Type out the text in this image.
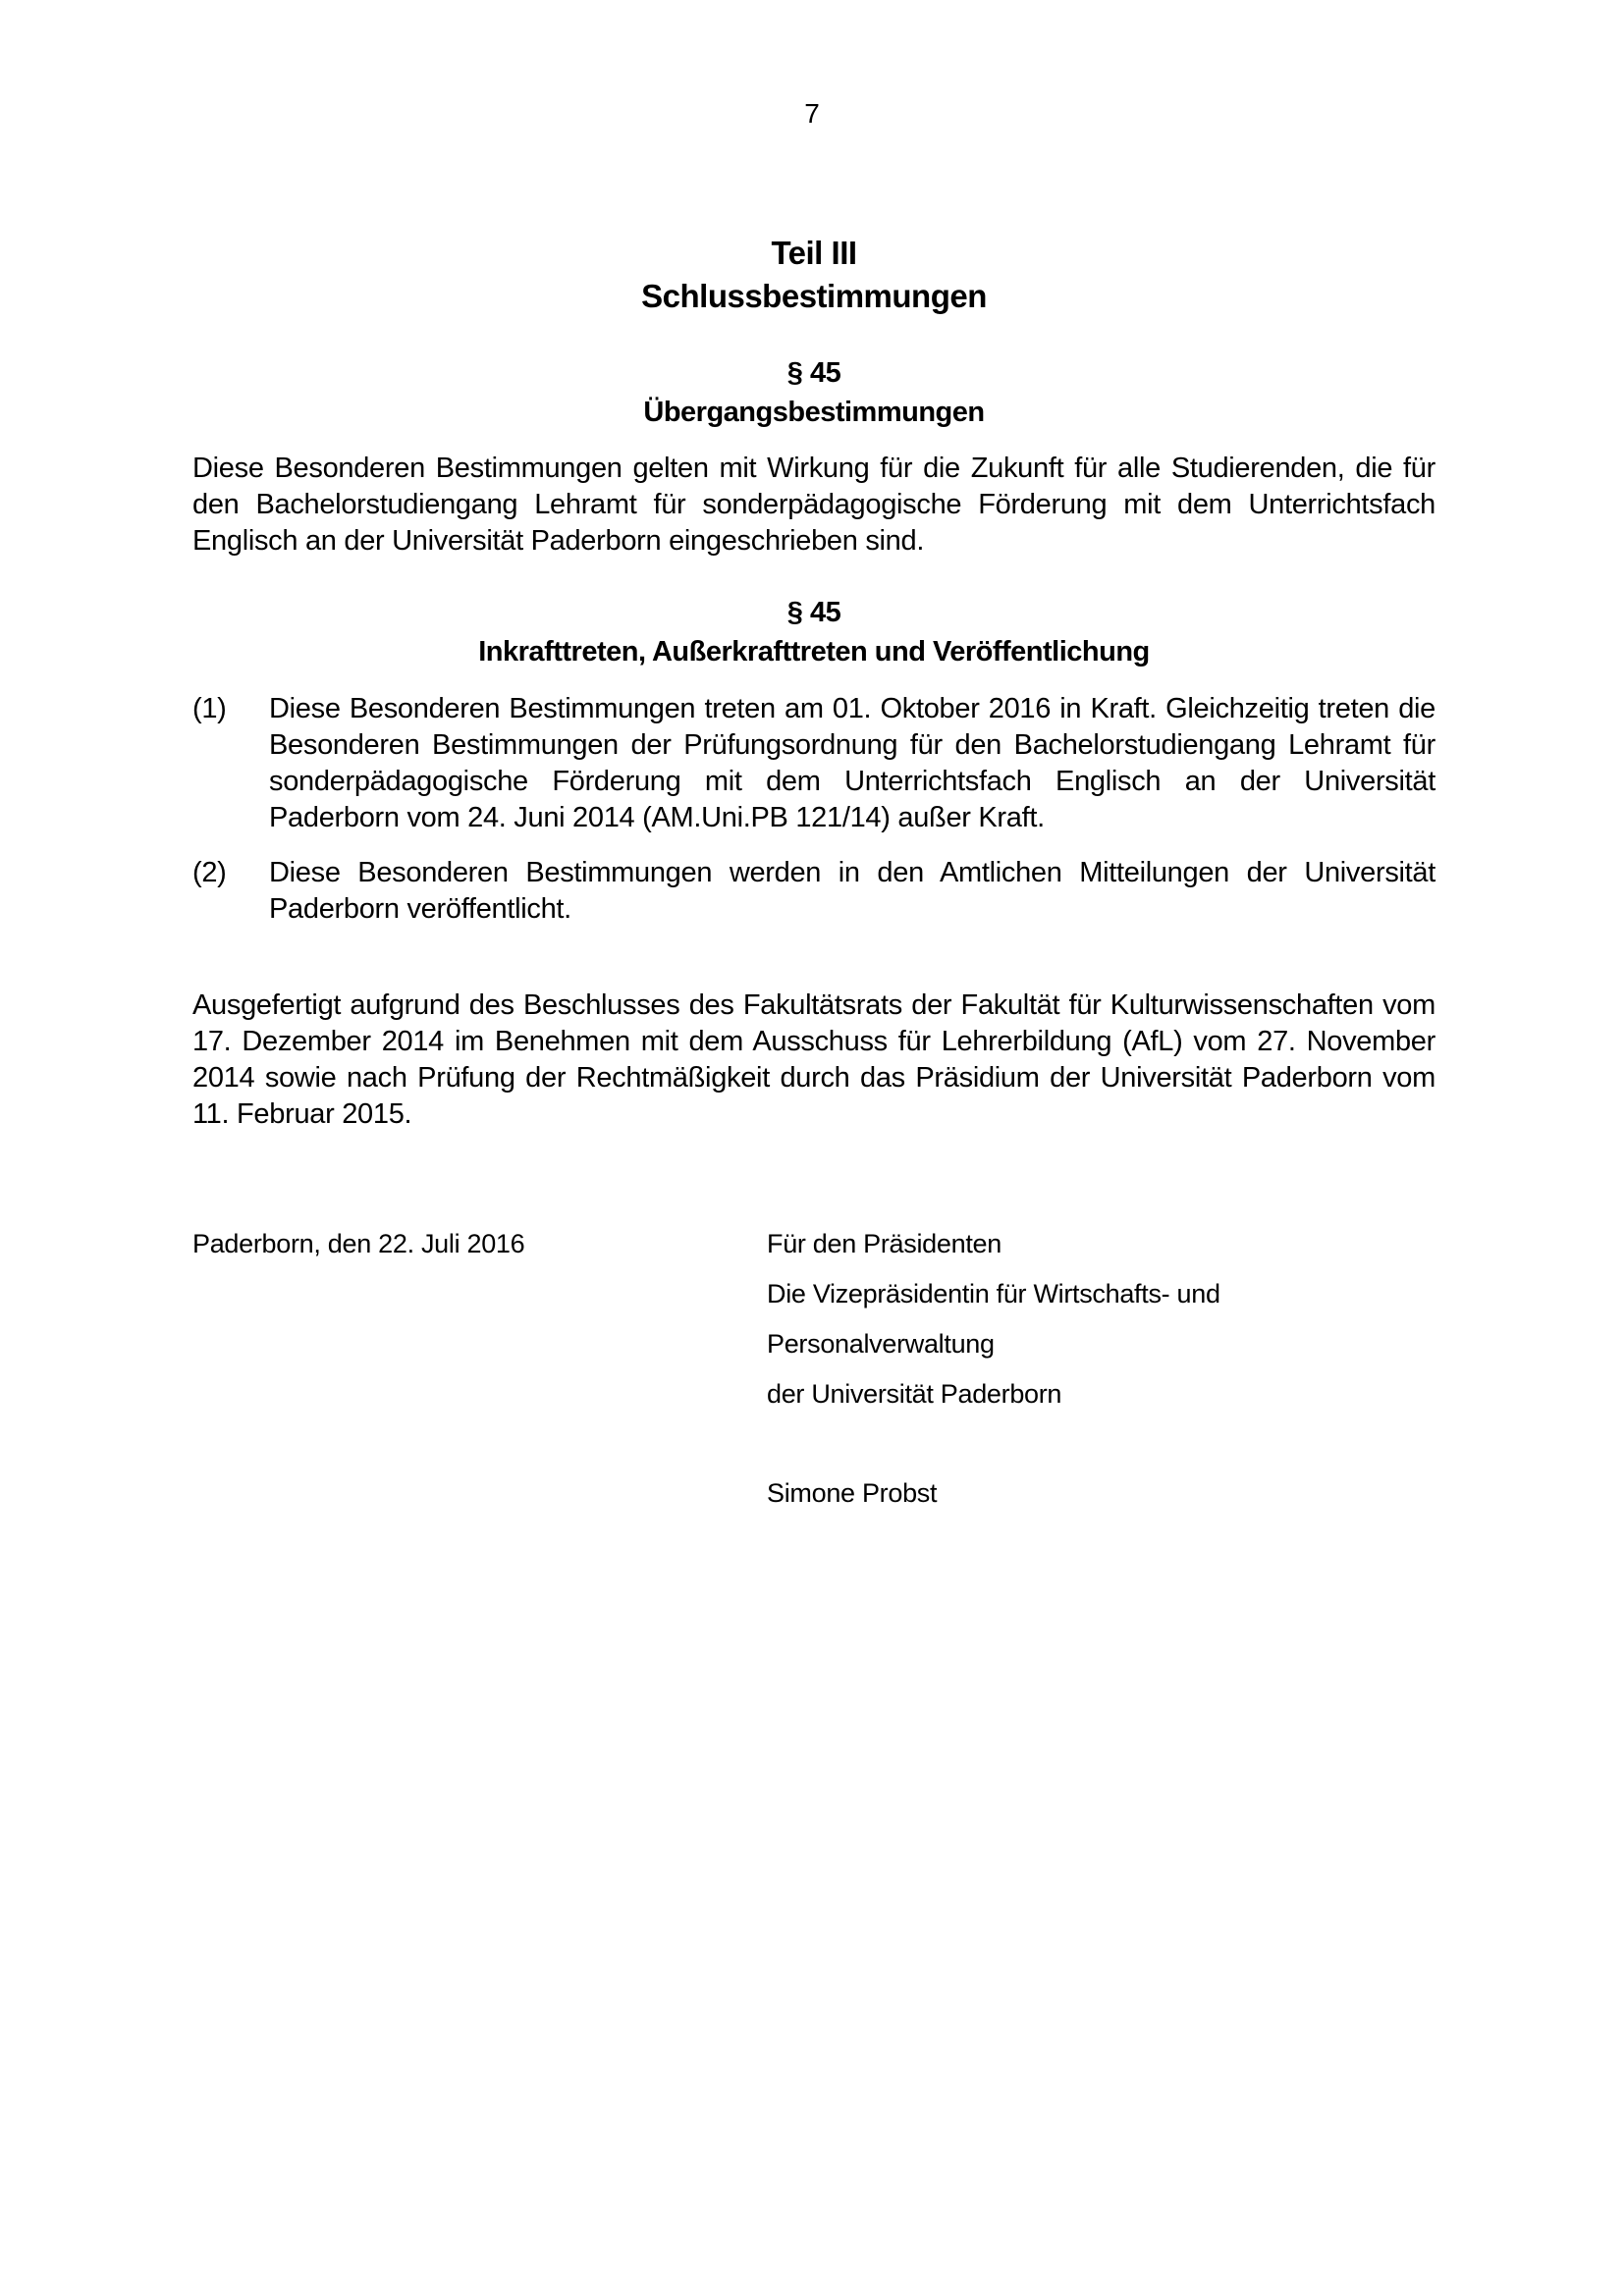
7
Teil III
Schlussbestimmungen
§ 45
Übergangsbestimmungen
Diese Besonderen Bestimmungen gelten mit Wirkung für die Zukunft für alle Studierenden, die für den Bachelorstudiengang Lehramt für sonderpädagogische Förderung mit dem Unterrichtsfach Englisch an der Universität Paderborn eingeschrieben sind.
§ 45
Inkrafttreten, Außerkrafttreten und Veröffentlichung
(1)	Diese Besonderen Bestimmungen treten am 01. Oktober 2016 in Kraft. Gleichzeitig treten die Besonderen Bestimmungen der Prüfungsordnung für den Bachelorstudiengang Lehramt für sonderpädagogische Förderung mit dem Unterrichtsfach Englisch an der Universität Paderborn vom 24. Juni 2014 (AM.Uni.PB 121/14) außer Kraft.
(2)	Diese Besonderen Bestimmungen werden in den Amtlichen Mitteilungen der Universität Paderborn veröffentlicht.
Ausgefertigt aufgrund des Beschlusses des Fakultätsrats der Fakultät für Kulturwissenschaften vom 17. Dezember 2014 im Benehmen mit dem Ausschuss für Lehrerbildung (AfL) vom 27. November 2014 sowie nach Prüfung der Rechtmäßigkeit durch das Präsidium der Universität Paderborn vom 11. Februar 2015.
Paderborn, den 22. Juli 2016	Für den Präsidenten
Die Vizepräsidentin für Wirtschafts- und Personalverwaltung
der Universität Paderborn
Simone Probst
